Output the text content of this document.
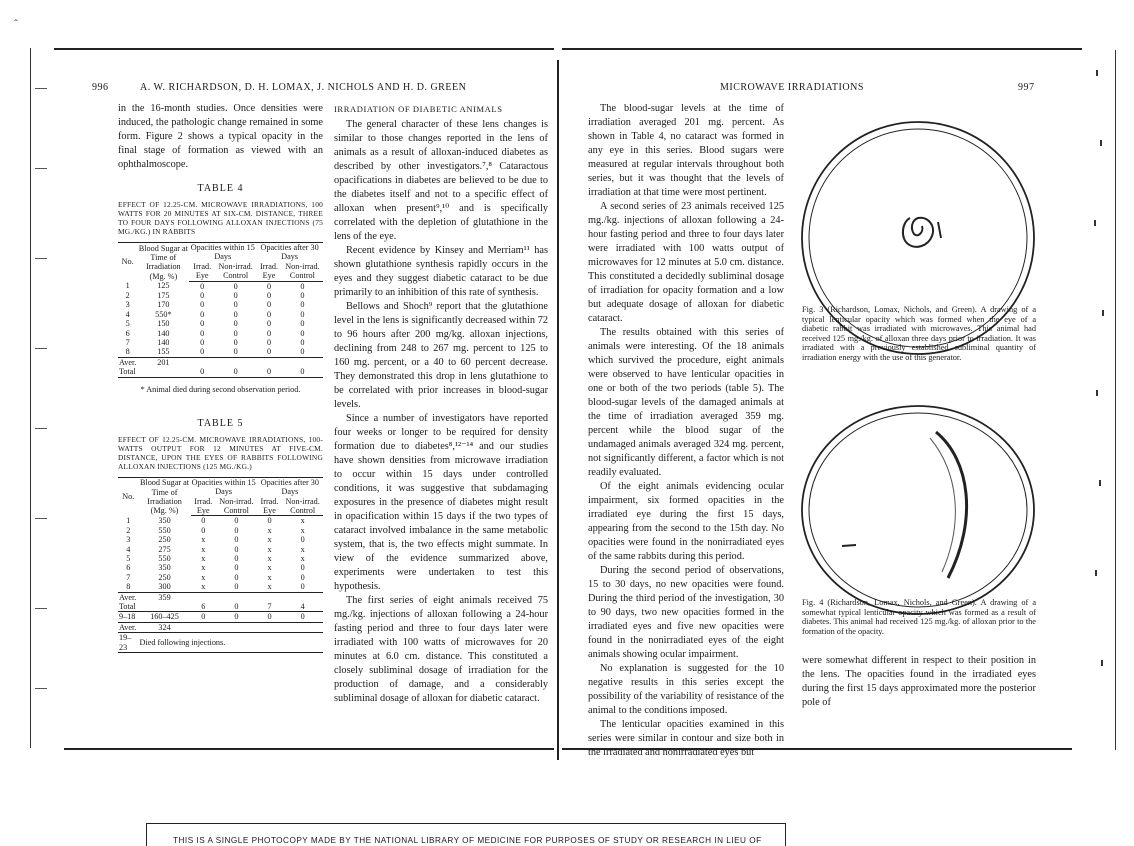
ˆ
996	A. W. RICHARDSON, D. H. LOMAX, J. NICHOLS AND H. D. GREEN

in the 16-month studies. Once densities were induced, the pathologic change remained in some form. Figure 2 shows a typical opacity in the final stage of formation as viewed with an ophthalmoscope.

TABLE 4
EFFECT OF 12.25-CM. MICROWAVE IRRADIATIONS, 100 WATTS FOR 20 MINUTES AT SIX-CM. DISTANCE, THREE TO FOUR DAYS FOLLOWING ALLOXAN INJECTIONS (75 MG./KG.) IN RABBITS
No.	Blood Sugar at Time of Irradiation (Mg. %)	Opacities within 15 Days		Opacities after 30 Days	
		Irrad. Eye	Non-irrad. Control	Irrad. Eye	Non-irrad. Control
1	125	0	0	0	0
2	175	0	0	0	0
3	170	0	0	0	0
4	550*	0	0	0	0
5	150	0	0	0	0
6	140	0	0	0	0
7	140	0	0	0	0
8	155	0	0	0	0
Aver.	201				
Total		0	0	0	0
* Animal died during second observation period.
TABLE 5
EFFECT OF 12.25-CM. MICROWAVE IRRADIATIONS, 100-WATTS OUTPUT FOR 12 MINUTES AT FIVE-CM. DISTANCE, UPON THE EYES OF RABBITS FOLLOWING ALLOXAN INJECTIONS (125 MG./KG.)
No.	Blood Sugar at Time of Irradiation (Mg. %)	Opacities within 15 Days		Opacities after 30 Days	
		Irrad. Eye	Non-irrad. Control	Irrad. Eye	Non-irrad. Control
1	350	0	0	0	x
2	550	0	0	x	x
3	250	x	0	x	0
4	275	x	0	x	x
5	550	x	0	x	x
6	350	x	0	x	0
7	250	x	0	x	0
8	300	x	0	x	0
Aver.	359				
Total		6	0	7	4
9–18	160–425	0	0	0	0
Aver.	324				
19–23	Died following injections.				
IRRADIATION OF DIABETIC ANIMALS

The general character of these lens changes is similar to those changes reported in the lens of animals as a result of alloxan-induced diabetes as described by other investigators.⁷,⁸ Cataractous opacifications in diabetes are believed to be due to the diabetes itself and not to a specific effect of alloxan when present⁹,¹⁰ and is specifically correlated with the depletion of glutathione in the lens of the eye.

Recent evidence by Kinsey and Merriam¹¹ has shown glutathione synthesis rapidly occurs in the eyes and they suggest diabetic cataract to be due primarily to an inhibition of this rate of synthesis.

Bellows and Shoch⁹ report that the glutathione level in the lens is significantly decreased within 72 to 96 hours after 200 mg/kg. alloxan injections, declining from 248 to 267 mg. percent to 125 to 160 mg. percent, or a 40 to 60 percent decrease. They demonstrated this drop in lens glutathione to be correlated with prior increases in blood-sugar levels.

Since a number of investigators have reported four weeks or longer to be required for density formation due to diabetes⁸,¹²⁻¹⁴ and our studies have shown densities from microwave irradiation to occur within 15 days under controlled conditions, it was suggestive that subdamaging exposures in the presence of diabetes might result in opacification within 15 days if the two types of cataract involved imbalance in the same metabolic system, that is, the two effects might summate. In view of the evidence summarized above, experiments were undertaken to test this hypothesis.

The first series of eight animals received 75 mg./kg. injections of alloxan following a 24-hour fasting period and three to four days later were irradiated with 100 watts of microwaves for 20 minutes at 6.0 cm. distance. This constituted a closely subliminal dosage of irradiation for the production of damage, and a considerably subliminal dosage of alloxan for diabetic cataract.

MICROWAVE IRRADIATIONS	997

The blood-sugar levels at the time of irradiation averaged 201 mg. percent. As shown in Table 4, no cataract was formed in any eye in this series. Blood sugars were measured at regular intervals throughout both series, but it was thought that the levels of irradiation at that time were most pertinent.

A second series of 23 animals received 125 mg./kg. injections of alloxan following a 24-hour fasting period and three to four days later were irradiated with 100 watts output of microwaves for 12 minutes at 5.0 cm. distance. This constituted a decidedly subliminal dosage of irradiation for opacity formation and a low but adequate dosage of alloxan for diabetic cataract.

The results obtained with this series of animals were interesting. Of the 18 animals which survived the procedure, eight animals were observed to have lenticular opacities in one or both of the two periods (table 5). The blood-sugar levels of the damaged animals at the time of irradiation averaged 359 mg. percent while the blood sugar of the undamaged animals averaged 324 mg. percent, not significantly different, a factor which is not readily evaluated.

Of the eight animals evidencing ocular impairment, six formed opacities in the irradiated eye during the first 15 days, appearing from the second to the 15th day. No opacities were found in the nonirradiated eyes of the same rabbits during this period.

During the second period of observations, 15 to 30 days, no new opacities were found. During the third period of the investigation, 30 to 90 days, two new opacities formed in the irradiated eyes and five new opacities were found in the nonirradiated eyes of the eight animals showing ocular impairment.

No explanation is suggested for the 10 negative results in this series except the possibility of the variability of resistance of the animal to the conditions imposed.

The lenticular opacities examined in this series were similar in contour and size both in the irradiated and nonirradiated eyes but

Fig. 3 (Richardson, Lomax, Nichols, and Green). A drawing of a typical lenticular opacity which was formed when the eye of a diabetic rabbit was irradiated with microwaves. This animal had received 125 mg./kg. of alloxan three days prior to irradiation. It was irradiated with a previously established subliminal quantity of irradiation energy with the use of this generator.
Fig. 4 (Richardson, Lomax, Nichols, and Green). A drawing of a somewhat typical lenticular opacity which was formed as a result of diabetes. This animal had received 125 mg./kg. of alloxan prior to the formation of the opacity.

were somewhat different in respect to their position in the lens. The opacities found in the irradiated eyes during the first 15 days approximated more the posterior pole of

THIS IS A SINGLE PHOTOCOPY MADE BY THE NATIONAL LIBRARY OF MEDICINE FOR PURPOSES OF STUDY OR RESEARCH IN LIEU OF
